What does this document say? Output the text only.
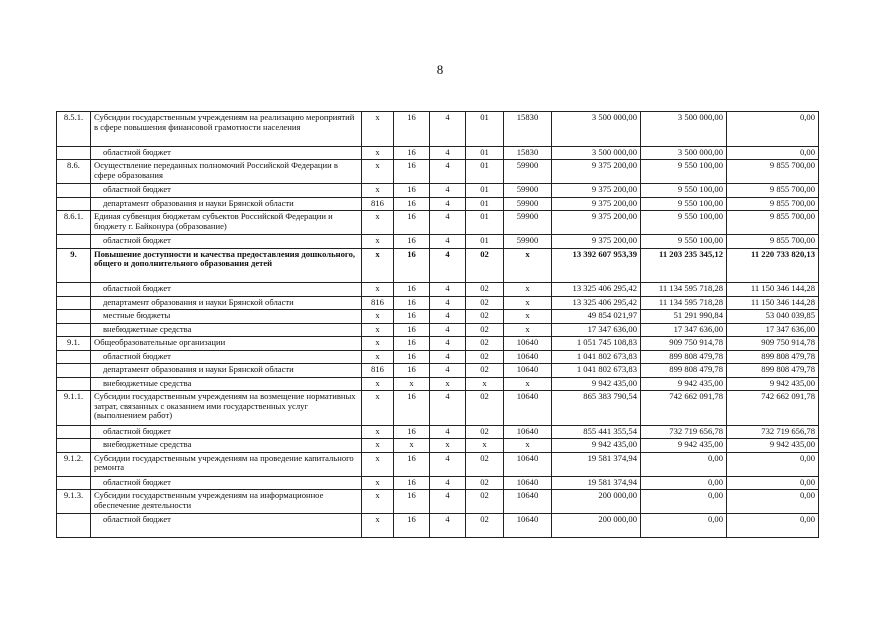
8
8.5.1.	Субсидии государственным учреждениям на реализацию мероприятий в сфере повышения финансовой грамотности населения	x	16	4	01	15830	3 500 000,00	3 500 000,00	0,00
	областной бюджет	x	16	4	01	15830	3 500 000,00	3 500 000,00	0,00
8.6.	Осуществление переданных полномочий Российской Федерации в сфере образования	x	16	4	01	59900	9 375 200,00	9 550 100,00	9 855 700,00
	областной бюджет	x	16	4	01	59900	9 375 200,00	9 550 100,00	9 855 700,00
	департамент образования и науки Брянской области	816	16	4	01	59900	9 375 200,00	9 550 100,00	9 855 700,00
8.6.1.	Единая субвенция бюджетам субъектов Российской Федерации и бюджету г. Байконура (образование)	x	16	4	01	59900	9 375 200,00	9 550 100,00	9 855 700,00
	областной бюджет	x	16	4	01	59900	9 375 200,00	9 550 100,00	9 855 700,00
9.	Повышение доступности и качества предоставления дошкольного, общего и дополнительного образования детей	x	16	4	02	x	13 392 607 953,39	11 203 235 345,12	11 220 733 820,13
	областной бюджет	x	16	4	02	x	13 325 406 295,42	11 134 595 718,28	11 150 346 144,28
	департамент образования и науки Брянской области	816	16	4	02	x	13 325 406 295,42	11 134 595 718,28	11 150 346 144,28
	местные бюджеты	x	16	4	02	x	49 854 021,97	51 291 990,84	53 040 039,85
	внебюджетные средства	x	16	4	02	x	17 347 636,00	17 347 636,00	17 347 636,00
9.1.	Общеобразовательные организации	x	16	4	02	10640	1 051 745 108,83	909 750 914,78	909 750 914,78
	областной бюджет	x	16	4	02	10640	1 041 802 673,83	899 808 479,78	899 808 479,78
	департамент образования и науки Брянской области	816	16	4	02	10640	1 041 802 673,83	899 808 479,78	899 808 479,78
	внебюджетные средства	x	x	x	x	x	9 942 435,00	9 942 435,00	9 942 435,00
9.1.1.	Субсидии государственным учреждениям на возмещение нормативных затрат, связанных с оказанием ими государственных услуг (выполнением работ)	x	16	4	02	10640	865 383 790,54	742 662 091,78	742 662 091,78
	областной бюджет	x	16	4	02	10640	855 441 355,54	732 719 656,78	732 719 656,78
	внебюджетные средства	x	x	x	x	x	9 942 435,00	9 942 435,00	9 942 435,00
9.1.2.	Субсидии государственным учреждениям на проведение капитального ремонта	x	16	4	02	10640	19 581 374,94	0,00	0,00
	областной бюджет	x	16	4	02	10640	19 581 374,94	0,00	0,00
9.1.3.	Субсидии государственным учреждениям на информационное обеспечение деятельности	x	16	4	02	10640	200 000,00	0,00	0,00
	областной бюджет	x	16	4	02	10640	200 000,00	0,00	0,00
